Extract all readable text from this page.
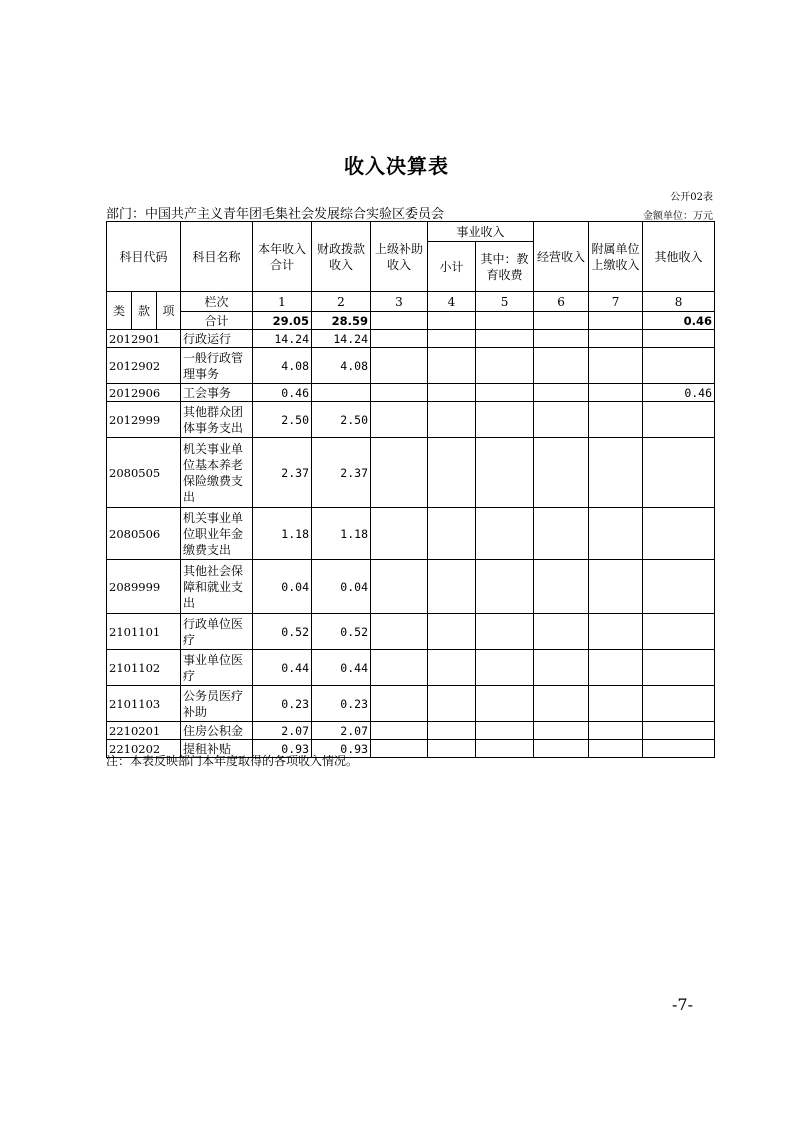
收入决算表
公开02表
部门：中国共产主义青年团毛集社会发展综合实验区委员会	金额单位：万元
科目代码			科目名称	本年收入合计	财政拨款收入	上级补助收入	事业收入		经营收入	附属单位上缴收入	其他收入
							小计	其中：教育收费			

类	款	项	栏次	1	2	3	4	5	6	7	8
			合计	29.05	28.59						0.46
2012901			行政运行	14.24	14.24						
2012902			一般行政管理事务	4.08	4.08						
2012906			工会事务	0.46							0.46
2012999			其他群众团体事务支出	2.50	2.50						
2080505			机关事业单位基本养老保险缴费支出	2.37	2.37						
2080506			机关事业单位职业年金缴费支出	1.18	1.18						
2089999			其他社会保障和就业支出	0.04	0.04						
2101101			行政单位医疗	0.52	0.52						
2101102			事业单位医疗	0.44	0.44						
2101103			公务员医疗补助	0.23	0.23						
2210201			住房公积金	2.07	2.07						
2210202			提租补贴	0.93	0.93						
注：本表反映部门本年度取得的各项收入情况。
-7-
